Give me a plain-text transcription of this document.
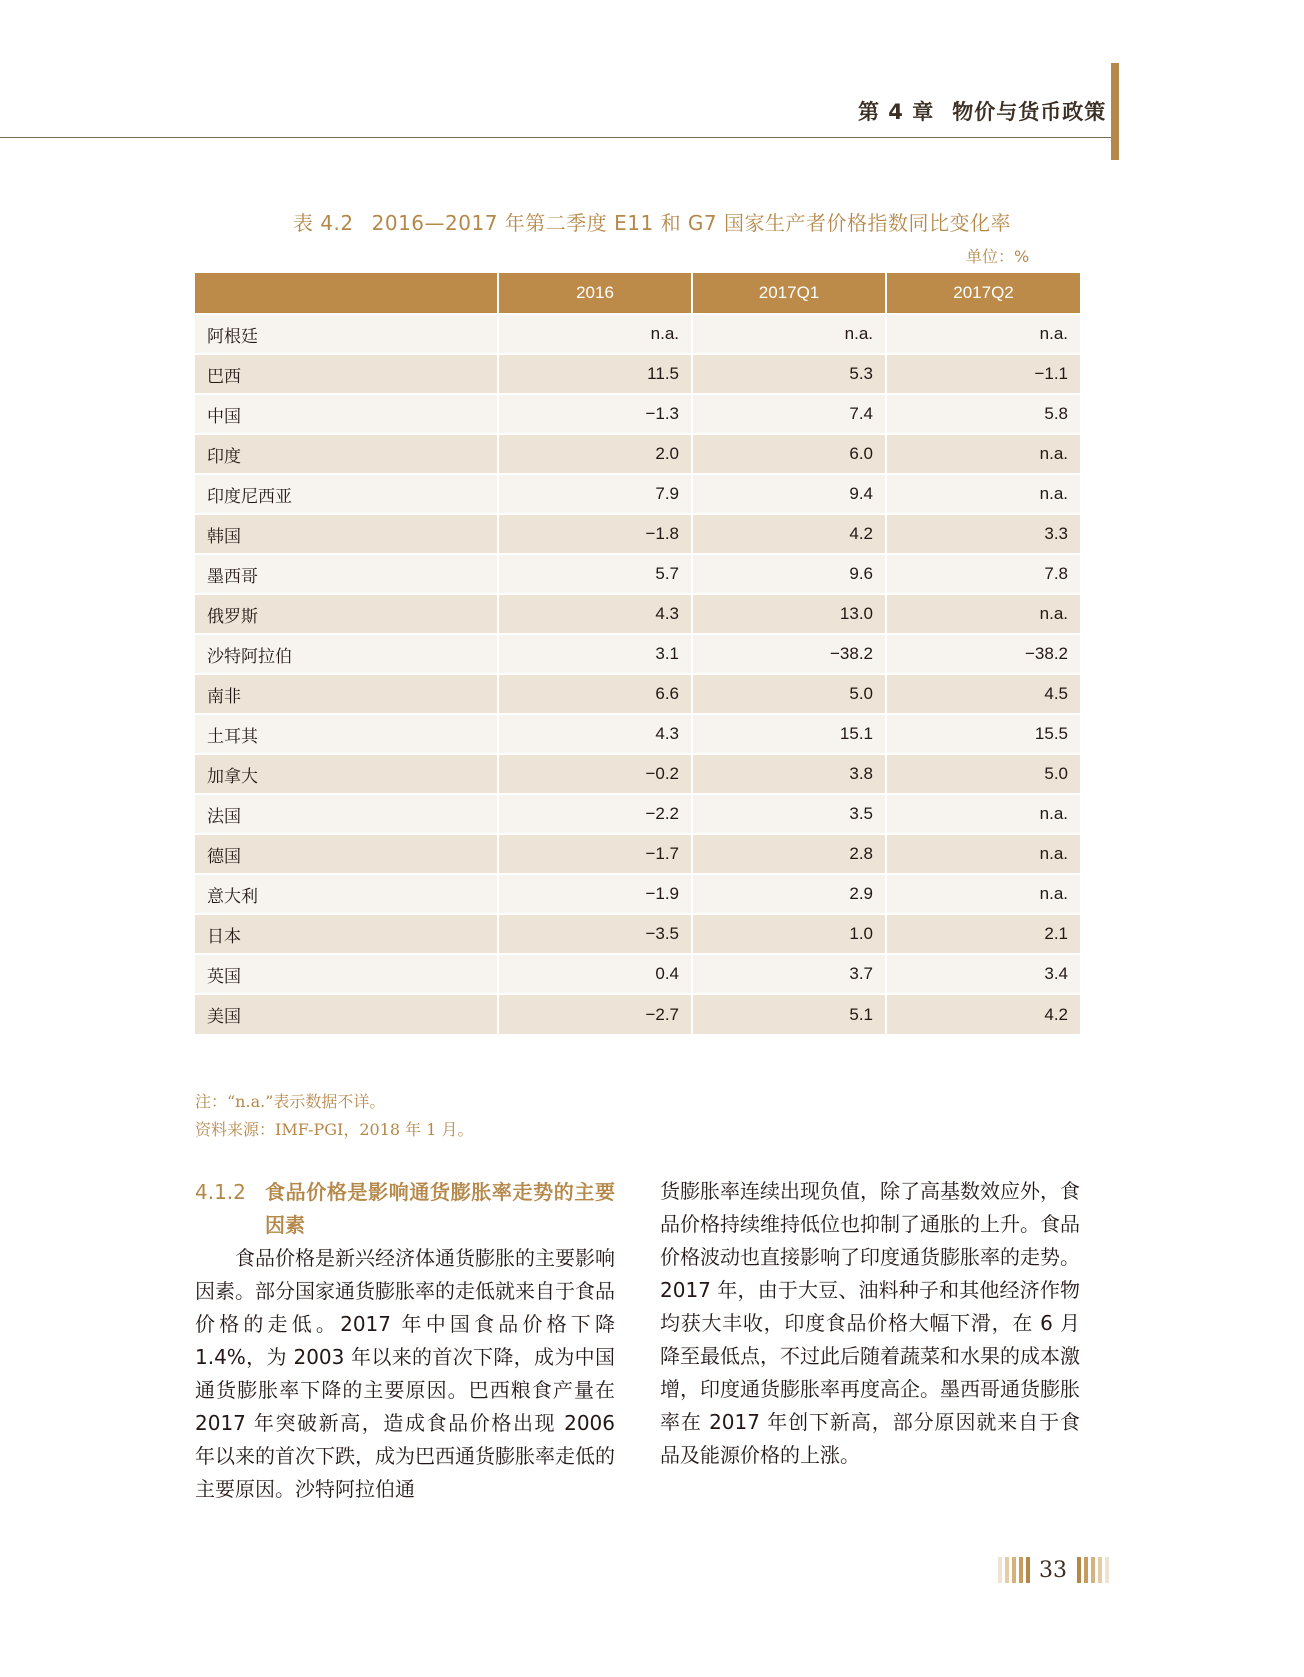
第 4 章 物价与货币政策
表 4.2 2016—2017 年第二季度 E11 和 G7 国家生产者价格指数同比变化率
单位：%
	2016	2017Q1	2017Q2
阿根廷	n.a.	n.a.	n.a.
巴西	11.5	5.3	−1.1
中国	−1.3	7.4	5.8
印度	2.0	6.0	n.a.
印度尼西亚	7.9	9.4	n.a.
韩国	−1.8	4.2	3.3
墨西哥	5.7	9.6	7.8
俄罗斯	4.3	13.0	n.a.
沙特阿拉伯	3.1	−38.2	−38.2
南非	6.6	5.0	4.5
土耳其	4.3	15.1	15.5
加拿大	−0.2	3.8	5.0
法国	−2.2	3.5	n.a.
德国	−1.7	2.8	n.a.
意大利	−1.9	2.9	n.a.
日本	−3.5	1.0	2.1
英国	0.4	3.7	3.4
美国	−2.7	5.1	4.2
注：“n.a.”表示数据不详。
资料来源：IMF-PGI，2018 年 1 月。
4.1.2 食品价格是影响通货膨胀率走势的主要因素

食品价格是新兴经济体通货膨胀的主要影响因素。部分国家通货膨胀率的走低就来自于食品价格的走低。2017 年中国食品价格下降 1.4%，为 2003 年以来的首次下降，成为中国通货膨胀率下降的主要原因。巴西粮食产量在 2017 年突破新高，造成食品价格出现 2006 年以来的首次下跌，成为巴西通货膨胀率走低的主要原因。沙特阿拉伯通

货膨胀率连续出现负值，除了高基数效应外，食品价格持续维持低位也抑制了通胀的上升。食品价格波动也直接影响了印度通货膨胀率的走势。2017 年，由于大豆、油料种子和其他经济作物均获大丰收，印度食品价格大幅下滑，在 6 月降至最低点，不过此后随着蔬菜和水果的成本激增，印度通货膨胀率再度高企。墨西哥通货膨胀率在 2017 年创下新高，部分原因就来自于食品及能源价格的上涨。

33
